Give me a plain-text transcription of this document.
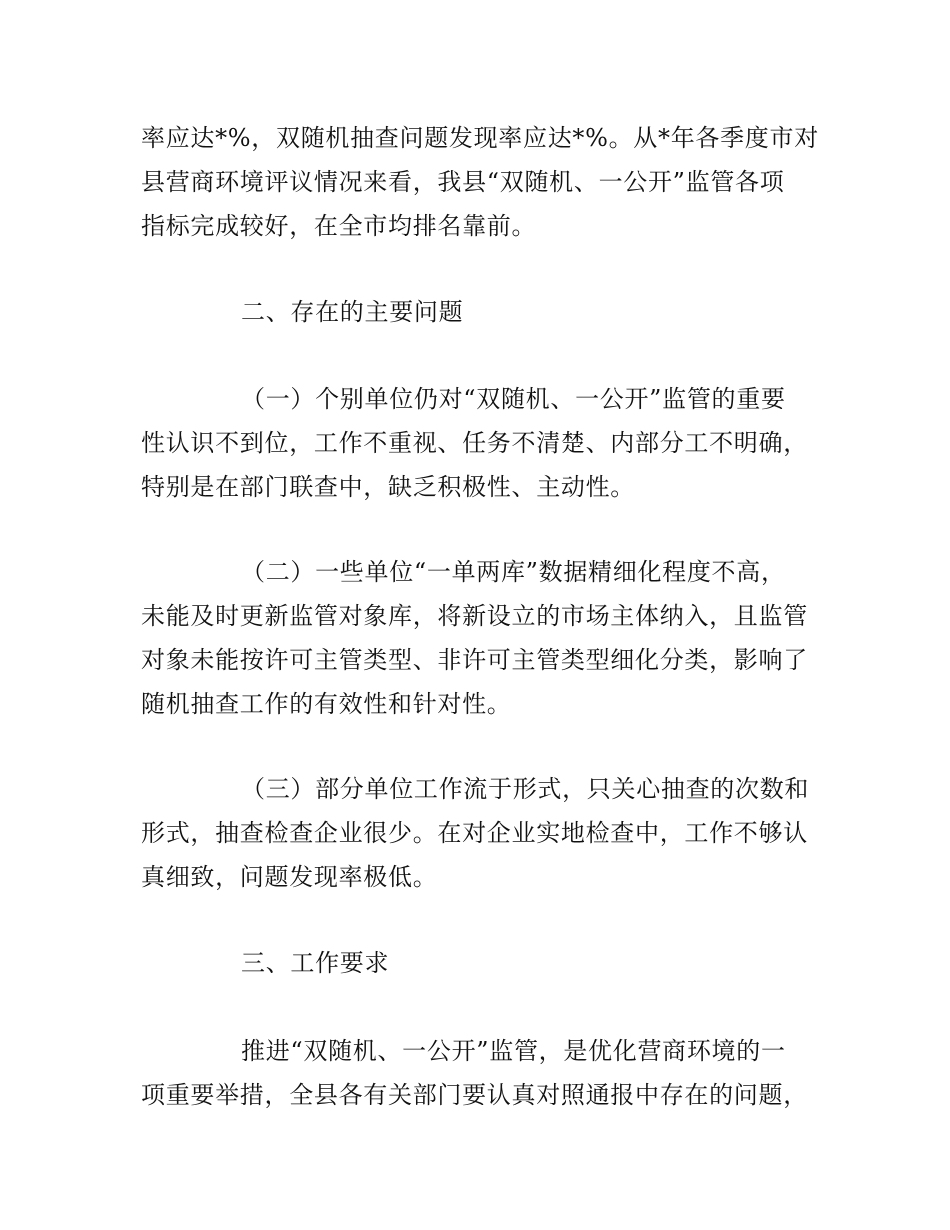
率应达*%，双随机抽查问题发现率应达*%。从*年各季度市对
县营商环境评议情况来看，我县“双随机、一公开”监管各项
指标完成较好，在全市均排名靠前。
二、存在的主要问题
（一）个别单位仍对“双随机、一公开”监管的重要
性认识不到位，工作不重视、任务不清楚、内部分工不明确，
特别是在部门联查中，缺乏积极性、主动性。
（二）一些单位“一单两库”数据精细化程度不高，
未能及时更新监管对象库，将新设立的市场主体纳入，且监管
对象未能按许可主管类型、非许可主管类型细化分类，影响了
随机抽查工作的有效性和针对性。
（三）部分单位工作流于形式，只关心抽查的次数和
形式，抽查检查企业很少。在对企业实地检查中，工作不够认
真细致，问题发现率极低。
三、工作要求
推进“双随机、一公开”监管，是优化营商环境的一
项重要举措，全县各有关部门要认真对照通报中存在的问题，
